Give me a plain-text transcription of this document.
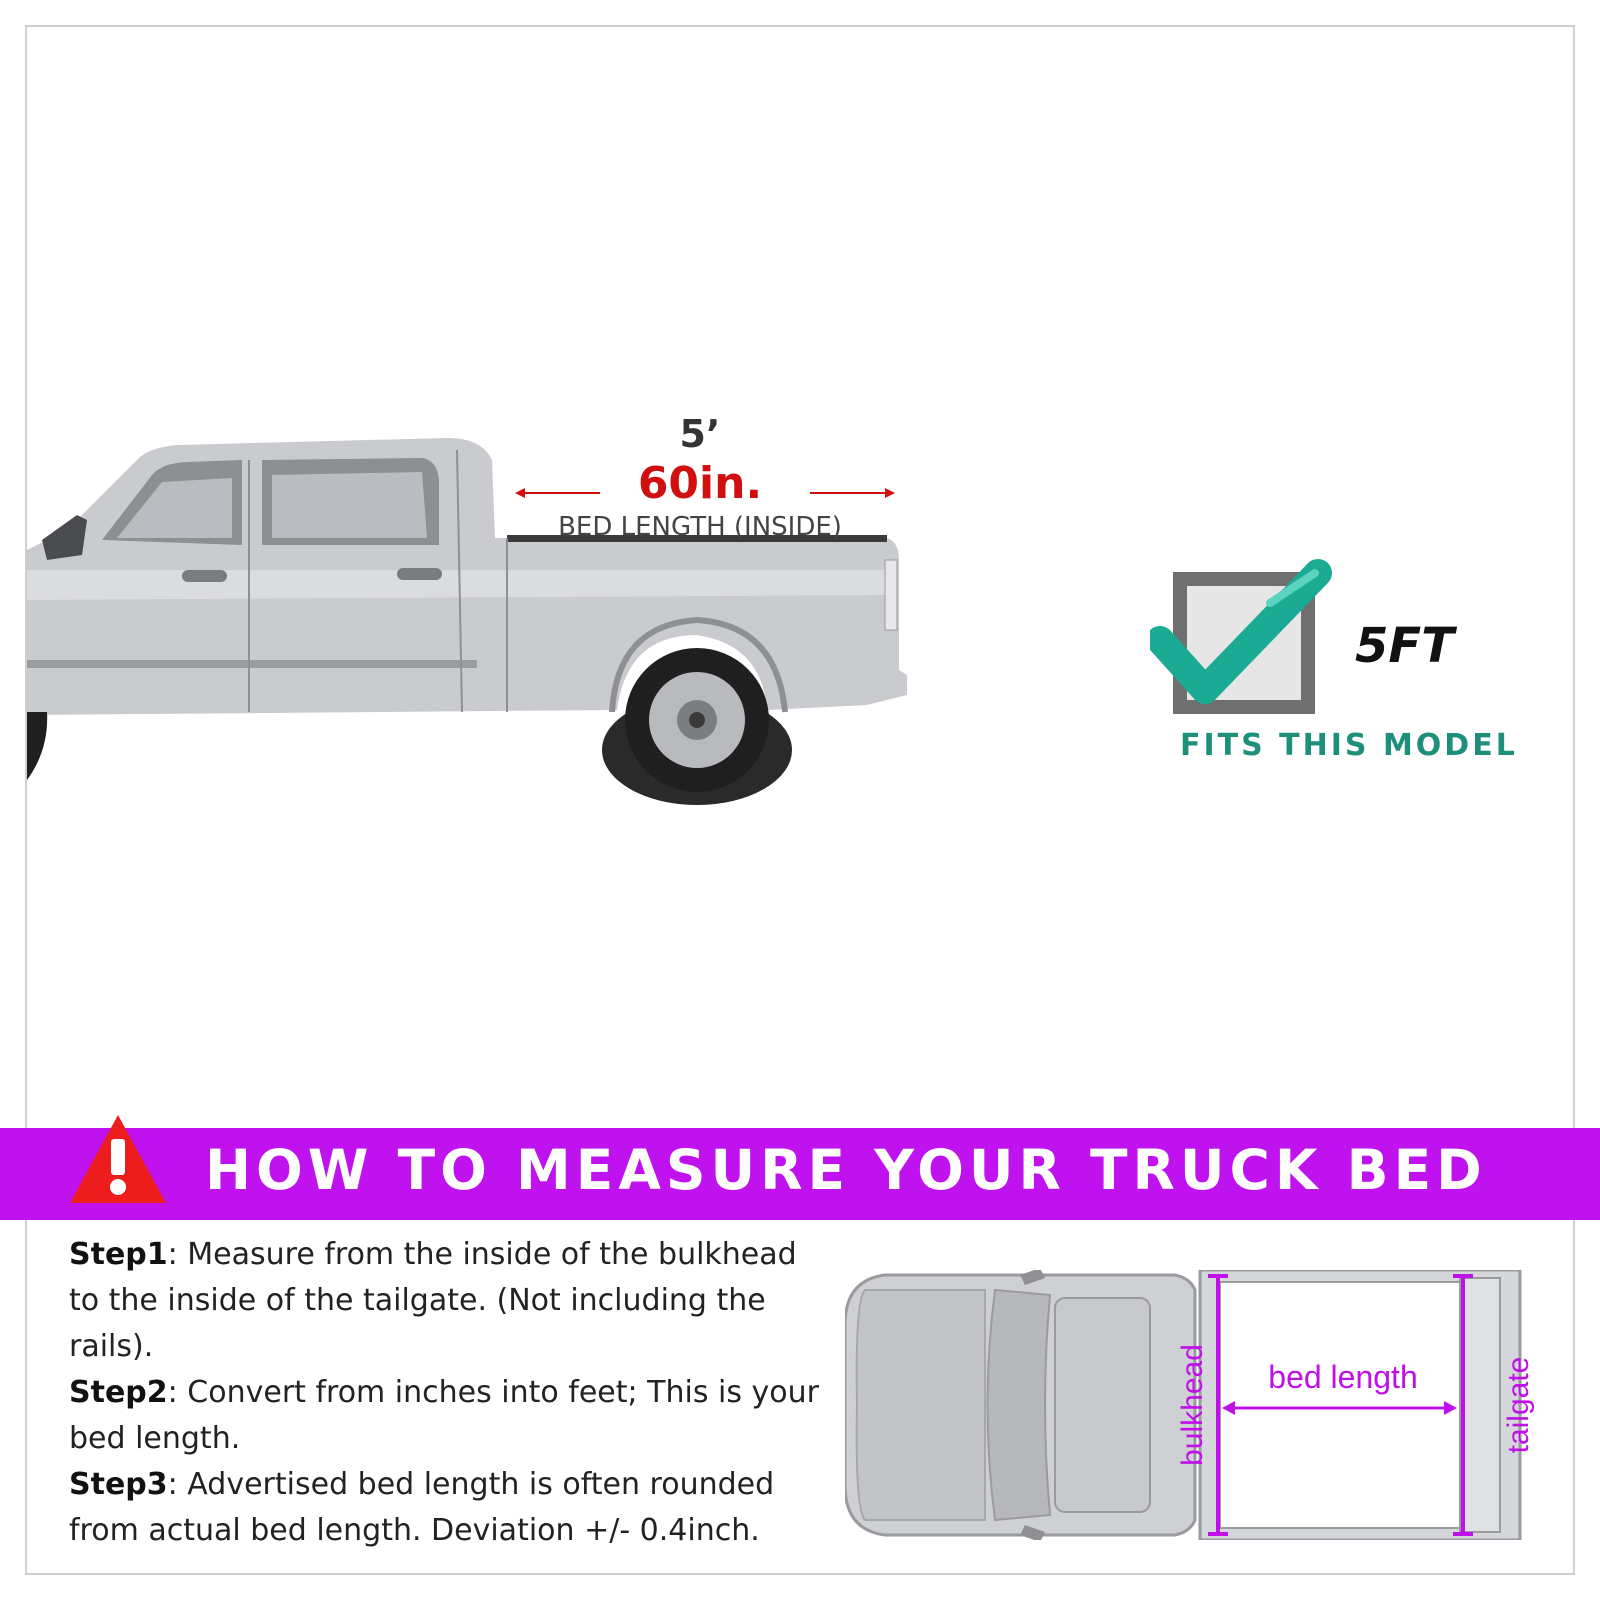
5’
60in.
BED LENGTH (INSIDE)
5FT
FITS THIS MODEL
HOW TO MEASURE YOUR TRUCK BED
Step1: Measure from the inside of the bulkhead to the inside of the tailgate. (Not including the rails).
Step2: Convert from inches into feet; This is your bed length.
Step3: Advertised bed length is often rounded from actual bed length. Deviation +/- 0.4inch.
bulkhead bed length	tailgate
